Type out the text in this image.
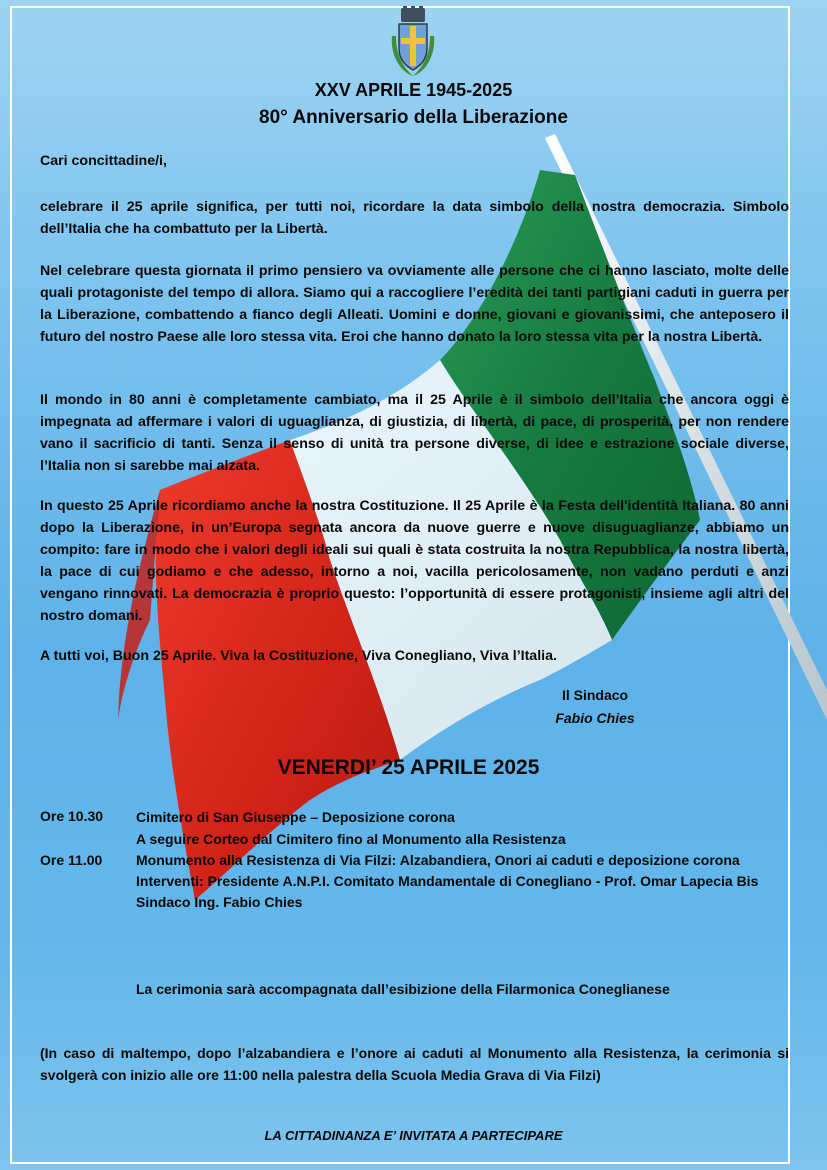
XXV APRILE 1945-2025
80° Anniversario della Liberazione

Cari concittadine/i,

celebrare il 25 aprile significa, per tutti noi, ricordare la data simbolo della nostra democrazia. Simbolo dell’Italia che ha combattuto per la Libertà.

Nel celebrare questa giornata il primo pensiero va ovviamente alle persone che ci hanno lasciato, molte delle quali protagoniste del tempo di allora. Siamo qui a raccogliere l’eredità dei tanti partigiani caduti in guerra per la Liberazione, combattendo a fianco degli Alleati. Uomini e donne, giovani e giovanissimi, che anteposero il futuro del nostro Paese alle loro stessa vita. Eroi che hanno donato la loro stessa vita per la nostra Libertà.

Il mondo in 80 anni è completamente cambiato, ma il 25 Aprile è il simbolo dell’Italia che ancora oggi è impegnata ad affermare i valori di uguaglianza, di giustizia, di libertà, di pace, di prosperità, per non rendere vano il sacrificio di tanti. Senza il senso di unità tra persone diverse, di idee e estrazione sociale diverse, l’Italia non si sarebbe mai alzata.

In questo 25 Aprile ricordiamo anche la nostra Costituzione. Il 25 Aprile è la Festa dell'identità Italiana. 80 anni dopo la Liberazione, in un’Europa segnata ancora da nuove guerre e nuove disuguaglianze, abbiamo un compito: fare in modo che i valori degli ideali sui quali è stata costruita la nostra Repubblica, la nostra libertà, la pace di cui godiamo e che adesso, intorno a noi, vacilla pericolosamente, non vadano perduti e anzi vengano rinnovati. La democrazia è proprio questo: l’opportunità di essere protagonisti, insieme agli altri del nostro domani.

A tutti voi, Buon 25 Aprile. Viva la Costituzione, Viva Conegliano, Viva l’Italia.

Il Sindaco
Fabio Chies
VENERDI’ 25 APRILE 2025
Ore 10.30 Cimitero di San Giuseppe – Deposizione corona
A seguire Corteo dal Cimitero fino al Monumento alla Resistenza
Ore 11.00 Monumento alla Resistenza di Via Filzi: Alzabandiera, Onori ai caduti e deposizione corona
Interventi: Presidente A.N.P.I. Comitato Mandamentale di Conegliano - Prof. Omar Lapecia Bis
Sindaco Ing. Fabio Chies
La cerimonia sarà accompagnata dall’esibizione della Filarmonica Coneglianese
(In caso di maltempo, dopo l’alzabandiera e l’onore ai caduti al Monumento alla Resistenza, la cerimonia si svolgerà con inizio alle ore 11:00 nella palestra della Scuola Media Grava di Via Filzi)
LA CITTADINANZA E’ INVITATA A PARTECIPARE
